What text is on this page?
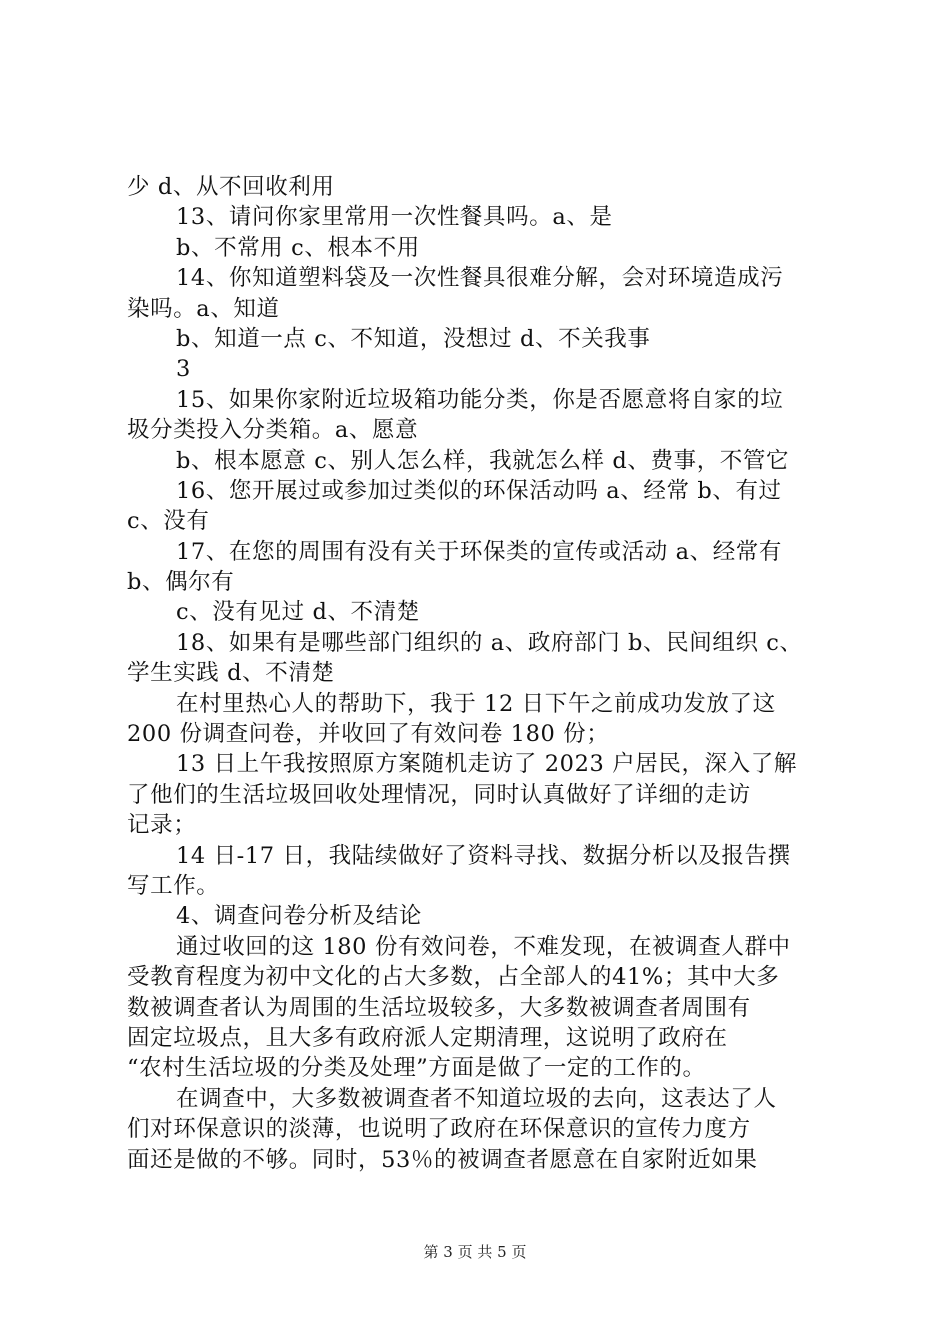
少 d、从不回收利用
13、请问你家里常用一次性餐具吗。a、是
b、不常用 c、根本不用
14、你知道塑料袋及一次性餐具很难分解，会对环境造成污
染吗。a、知道
b、知道一点 c、不知道，没想过 d、不关我事
3
15、如果你家附近垃圾箱功能分类，你是否愿意将自家的垃
圾分类投入分类箱。a、愿意
b、根本愿意 c、别人怎么样，我就怎么样 d、费事，不管它
16、您开展过或参加过类似的环保活动吗 a、经常 b、有过
c、没有
17、在您的周围有没有关于环保类的宣传或活动 a、经常有
b、偶尔有
c、没有见过 d、不清楚
18、如果有是哪些部门组织的 a、政府部门 b、民间组织 c、
学生实践 d、不清楚
在村里热心人的帮助下，我于 12 日下午之前成功发放了这
200 份调查问卷，并收回了有效问卷 180 份；
13 日上午我按照原方案随机走访了 2023 户居民，深入了解
了他们的生活垃圾回收处理情况，同时认真做好了详细的走访
记录；
14 日-17 日，我陆续做好了资料寻找、数据分析以及报告撰
写工作。
4、调查问卷分析及结论
通过收回的这 180 份有效问卷，不难发现，在被调查人群中
受教育程度为初中文化的占大多数，占全部人的41%；其中大多
数被调查者认为周围的生活垃圾较多，大多数被调查者周围有
固定垃圾点，且大多有政府派人定期清理，这说明了政府在
“农村生活垃圾的分类及处理”方面是做了一定的工作的。
在调查中，大多数被调查者不知道垃圾的去向，这表达了人
们对环保意识的淡薄，也说明了政府在环保意识的宣传力度方
面还是做的不够。同时，53％的被调查者愿意在自家附近如果
第 3 页 共 5 页
